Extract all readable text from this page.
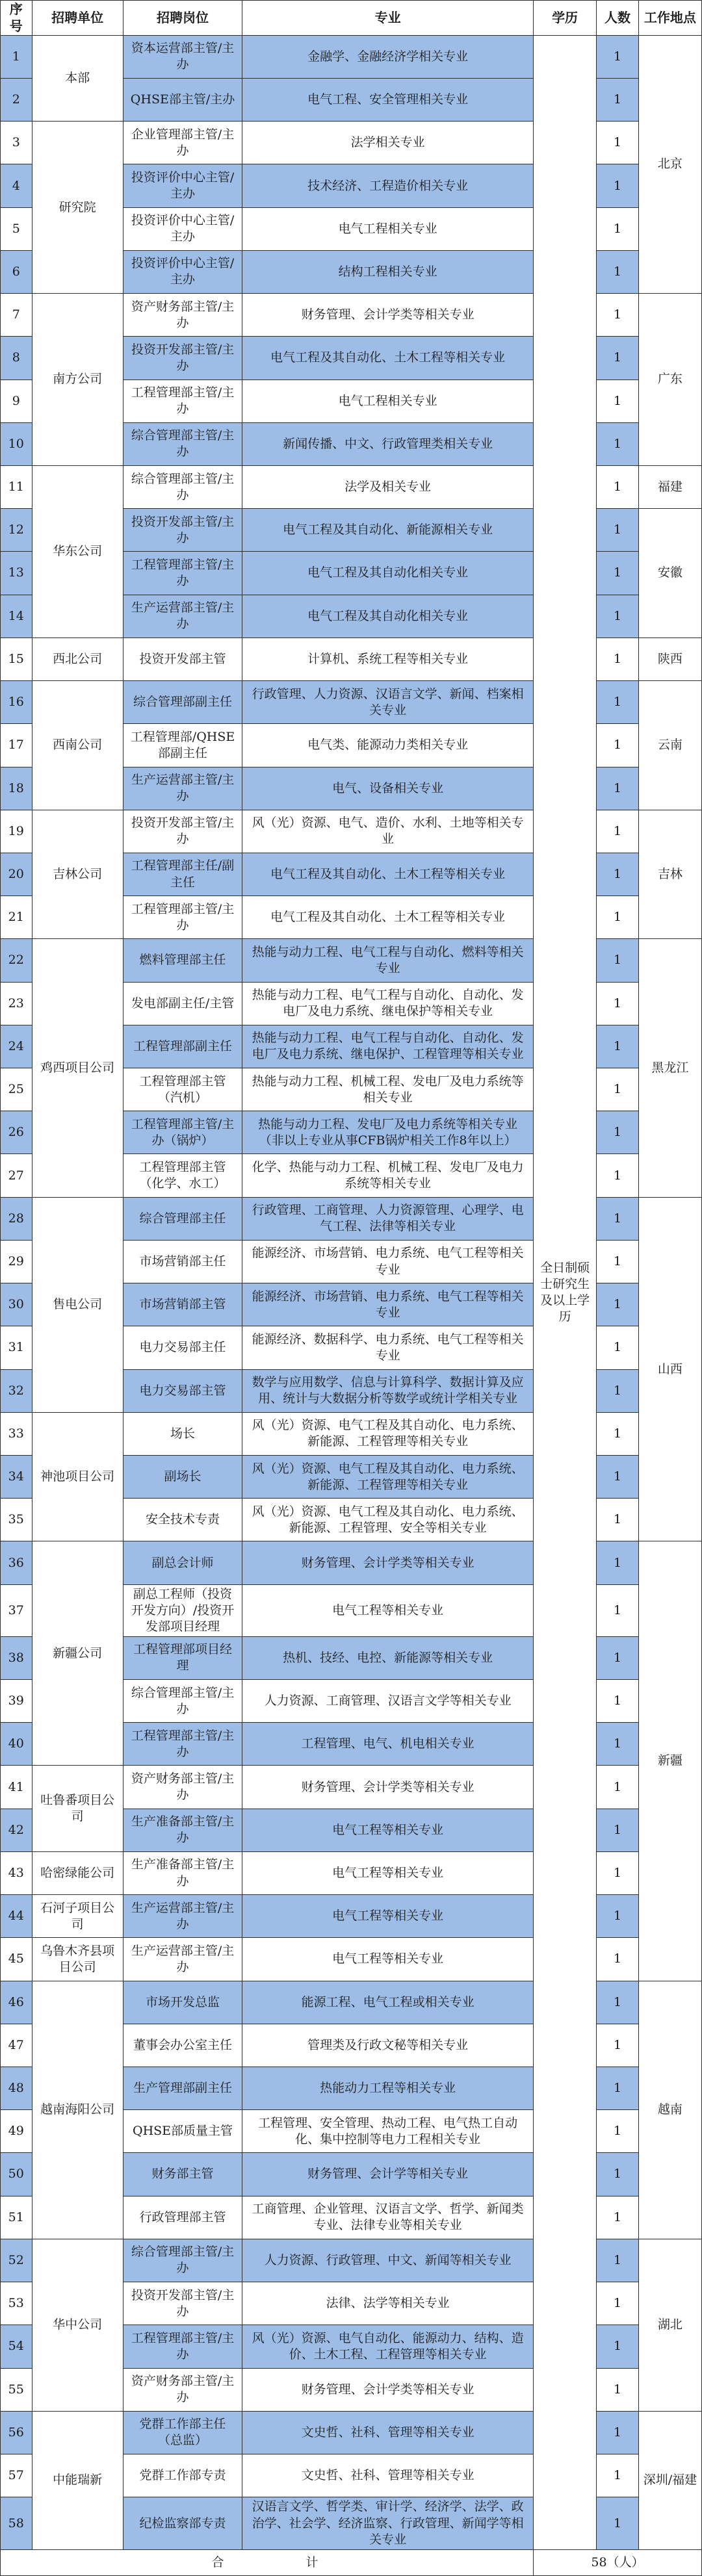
序号	招聘单位	招聘岗位	专业	学历	人数	工作地点
1	本部	资本运营部主管/主办	金融学、金融经济学相关专业	全日制硕士研究生及以上学历	1	北京
2		QHSE部主管/主办	电气工程、安全管理相关专业		1	
3	研究院	企业管理部主管/主办	法学相关专业		1	
4		投资评价中心主管/主办	技术经济、工程造价相关专业		1	
5		投资评价中心主管/主办	电气工程相关专业		1	
6		投资评价中心主管/主办	结构工程相关专业		1	
7	南方公司	资产财务部主管/主办	财务管理、会计学类等相关专业		1	广东
8		投资开发部主管/主办	电气工程及其自动化、土木工程等相关专业		1	
9		工程管理部主管/主办	电气工程相关专业		1	
10		综合管理部主管/主办	新闻传播、中文、行政管理类相关专业		1	
11	华东公司	综合管理部主管/主办	法学及相关专业		1	福建
12		投资开发部主管/主办	电气工程及其自动化、新能源相关专业		1	安徽
13		工程管理部主管/主办	电气工程及其自动化相关专业		1	
14		生产运营部主管/主办	电气工程及其自动化相关专业		1	
15	西北公司	投资开发部主管	计算机、系统工程等相关专业		1	陕西
16	西南公司	综合管理部副主任	行政管理、人力资源、汉语言文学、新闻、档案相关专业		1	云南
17		工程管理部/QHSE部副主任	电气类、能源动力类相关专业		1	
18		生产运营部主管/主办	电气、设备相关专业		1	
19	吉林公司	投资开发部主管/主办	风（光）资源、电气、造价、水利、土地等相关专业		1	吉林
20		工程管理部主任/副主任	电气工程及其自动化、土木工程等相关专业		1	
21		工程管理部主管/主办	电气工程及其自动化、土木工程等相关专业		1	
22	鸡西项目公司	燃料管理部主任	热能与动力工程、电气工程与自动化、燃料等相关专业		1	黑龙江
23		发电部副主任/主管	热能与动力工程、电气工程与自动化、自动化、发电厂及电力系统、继电保护等相关专业		1	
24		工程管理部副主任	热能与动力工程、电气工程与自动化、自动化、发电厂及电力系统、继电保护、工程管理等相关专业		1	
25		工程管理部主管（汽机）	热能与动力工程、机械工程、发电厂及电力系统等相关专业		1	
26		工程管理部主管/主办（锅炉）	热能与动力工程、发电厂及电力系统等相关专业（非以上专业从事CFB锅炉相关工作8年以上）		1	
27		工程管理部主管（化学、水工）	化学、热能与动力工程、机械工程、发电厂及电力系统等相关专业		1	
28	售电公司	综合管理部主任	行政管理、工商管理、人力资源管理、心理学、电气工程、法律等相关专业		1	山西
29		市场营销部主任	能源经济、市场营销、电力系统、电气工程等相关专业		1	
30		市场营销部主管	能源经济、市场营销、电力系统、电气工程等相关专业		1	
31		电力交易部主任	能源经济、数据科学、电力系统、电气工程等相关专业		1	
32		电力交易部主管	数学与应用数学、信息与计算科学、数据计算及应用、统计与大数据分析等数学或统计学相关专业		1	
33	神池项目公司	场长	风（光）资源、电气工程及其自动化、电力系统、新能源、工程管理等相关专业		1	
34		副场长	风（光）资源、电气工程及其自动化、电力系统、新能源、工程管理等相关专业		1	
35		安全技术专责	风（光）资源、电气工程及其自动化、电力系统、新能源、工程管理、安全等相关专业		1	
36	新疆公司	副总会计师	财务管理、会计学类等相关专业		1	新疆
37		副总工程师（投资开发方向）/投资开发部项目经理	电气工程等相关专业		1	
38		工程管理部项目经理	热机、技经、电控、新能源等相关专业		1	
39		综合管理部主管/主办	人力资源、工商管理、汉语言文学等相关专业		1	
40		工程管理部主管/主办	工程管理、电气、机电相关专业		1	
41	吐鲁番项目公司	资产财务部主管/主办	财务管理、会计学类等相关专业		1	
42		生产准备部主管/主办	电气工程等相关专业		1	
43	哈密绿能公司	生产准备部主管/主办	电气工程等相关专业		1	
44	石河子项目公司	生产运营部主管/主办	电气工程等相关专业		1	
45	乌鲁木齐县项目公司	生产运营部主管/主办	电气工程等相关专业		1	
46	越南海阳公司	市场开发总监	能源工程、电气工程或相关专业		1	越南
47		董事会办公室主任	管理类及行政文秘等相关专业		1	
48		生产管理部副主任	热能动力工程等相关专业		1	
49		QHSE部质量主管	工程管理、安全管理、热动工程、电气热工自动化、集中控制等电力工程相关专业		1	
50		财务部主管	财务管理、会计学等相关专业		1	
51		行政管理部主管	工商管理、企业管理、汉语言文学、哲学、新闻类专业、法律专业等相关专业		1	
52	华中公司	综合管理部主管/主办	人力资源、行政管理、中文、新闻等相关专业		1	湖北
53		投资开发部主管/主办	法律、法学等相关专业		1	
54		工程管理部主管/主办	风（光）资源、电气自动化、能源动力、结构、造价、土木工程、工程管理等相关专业		1	
55		资产财务部主管/主办	财务管理、会计学类等相关专业		1	
56	中能瑞新	党群工作部主任（总监）	文史哲、社科、管理等相关专业		1	深圳/福建
57		党群工作部专责	文史哲、社科、管理等相关专业		1	
58		纪检监察部专责	汉语言文学、哲学类、审计学、经济学、法学、政治学、社会学、经济监察、行政管理、新闻学等相关专业		1	
合 计				58（人）		
